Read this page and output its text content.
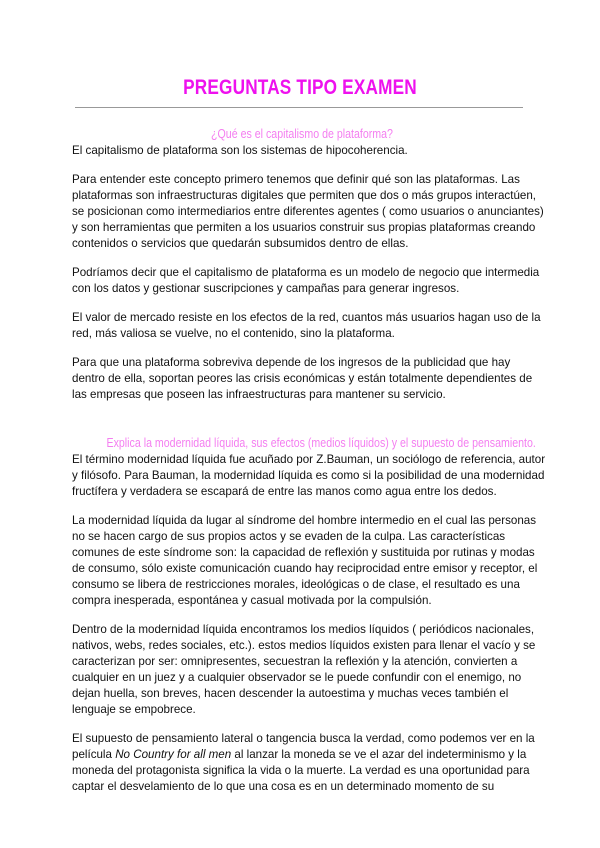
PREGUNTAS TIPO EXAMEN
¿Qué es el capitalismo de plataforma?
El capitalismo de plataforma son los sistemas de hipocoherencia.
Para entender este concepto primero tenemos que definir qué son las plataformas. Las
plataformas son infraestructuras digitales que permiten que dos o más grupos interactúen,
se posicionan como intermediarios entre diferentes agentes ( como usuarios o anunciantes)
y son herramientas que permiten a los usuarios construir sus propias plataformas creando
contenidos o servicios que quedarán subsumidos dentro de ellas.
Podríamos decir que el capitalismo de plataforma es un modelo de negocio que intermedia
con los datos y gestionar suscripciones y campañas para generar ingresos.
El valor de mercado resiste en los efectos de la red, cuantos más usuarios hagan uso de la
red, más valiosa se vuelve, no el contenido, sino la plataforma.
Para que una plataforma sobreviva depende de los ingresos de la publicidad que hay
dentro de ella, soportan peores las crisis económicas y están totalmente dependientes de
las empresas que poseen las infraestructuras para mantener su servicio.
Explica la modernidad líquida, sus efectos (medios líquidos) y el supuesto de pensamiento.
El término modernidad líquida fue acuñado por Z.Bauman, un sociólogo de referencia, autor
y filósofo. Para Bauman, la modernidad líquida es como si la posibilidad de una modernidad
fructífera y verdadera se escapará de entre las manos como agua entre los dedos.
La modernidad líquida da lugar al síndrome del hombre intermedio en el cual las personas
no se hacen cargo de sus propios actos y se evaden de la culpa. Las características
comunes de este síndrome son: la capacidad de reflexión y sustituida por rutinas y modas
de consumo, sólo existe comunicación cuando hay reciprocidad entre emisor y receptor, el
consumo se libera de restricciones morales, ideológicas o de clase, el resultado es una
compra inesperada, espontánea y casual motivada por la compulsión.
Dentro de la modernidad líquida encontramos los medios líquidos ( periódicos nacionales,
nativos, webs, redes sociales, etc.). estos medios líquidos existen para llenar el vacío y se
caracterizan por ser: omnipresentes, secuestran la reflexión y la atención, convierten a
cualquier en un juez y a cualquier observador se le puede confundir con el enemigo, no
dejan huella, son breves, hacen descender la autoestima y muchas veces también el
lenguaje se empobrece.
El supuesto de pensamiento lateral o tangencia busca la verdad, como podemos ver en la
película No Country for all men al lanzar la moneda se ve el azar del indeterminismo y la
moneda del protagonista significa la vida o la muerte. La verdad es una oportunidad para
captar el desvelamiento de lo que una cosa es en un determinado momento de su
